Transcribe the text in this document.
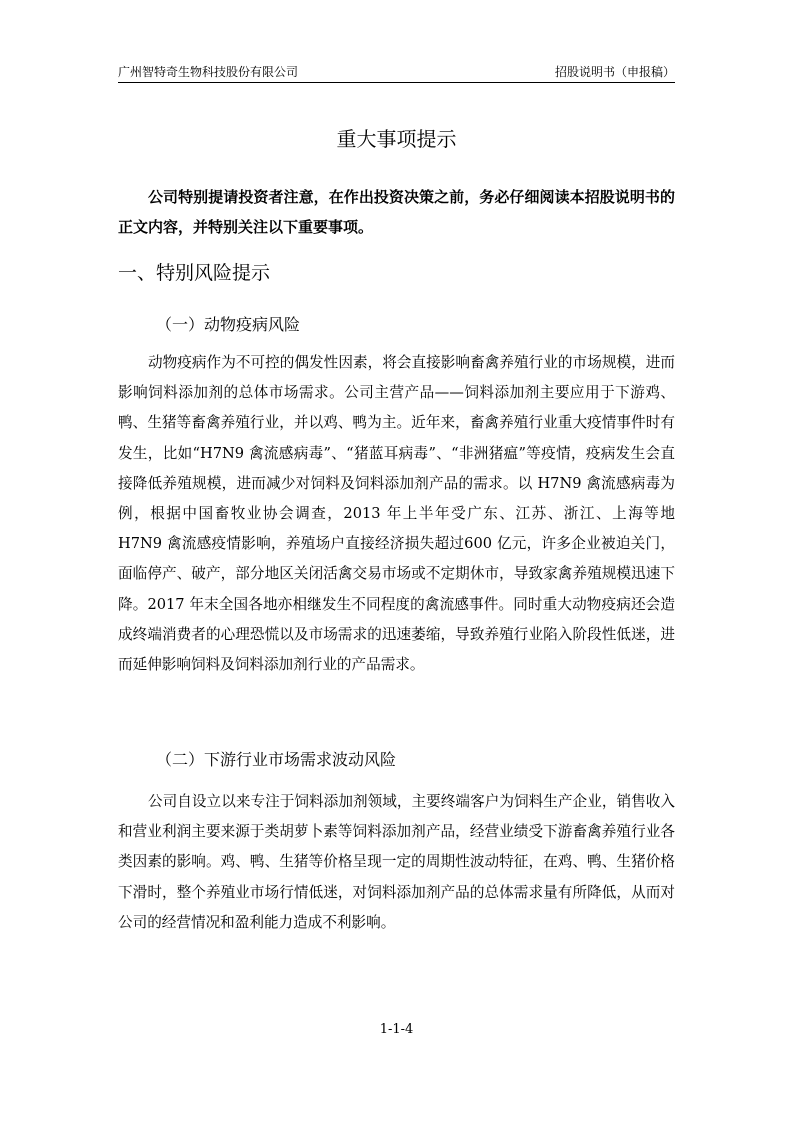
广州智特奇生物科技股份有限公司	招股说明书（申报稿）
重大事项提示
公司特别提请投资者注意，在作出投资决策之前，务必仔细阅读本招股说明书的正文内容，并特别关注以下重要事项。
一、特别风险提示
（一）动物疫病风险

动物疫病作为不可控的偶发性因素，将会直接影响畜禽养殖行业的市场规模，进而影响饲料添加剂的总体市场需求。公司主营产品——饲料添加剂主要应用于下游鸡、鸭、生猪等畜禽养殖行业，并以鸡、鸭为主。近年来，畜禽养殖行业重大疫情事件时有发生，比如“H7N9 禽流感病毒”、“猪蓝耳病毒”、“非洲猪瘟”等疫情，疫病发生会直接降低养殖规模，进而减少对饲料及饲料添加剂产品的需求。以 H7N9 禽流感病毒为例，根据中国畜牧业协会调查，2013 年上半年受广东、江苏、浙江、上海等地 H7N9 禽流感疫情影响，养殖场户直接经济损失超过600 亿元，许多企业被迫关门，面临停产、破产，部分地区关闭活禽交易市场或不定期休市，导致家禽养殖规模迅速下降。2017 年末全国各地亦相继发生不同程度的禽流感事件。同时重大动物疫病还会造成终端消费者的心理恐慌以及市场需求的迅速萎缩，导致养殖行业陷入阶段性低迷，进而延伸影响饲料及饲料添加剂行业的产品需求。

（二）下游行业市场需求波动风险

公司自设立以来专注于饲料添加剂领域，主要终端客户为饲料生产企业，销售收入和营业利润主要来源于类胡萝卜素等饲料添加剂产品，经营业绩受下游畜禽养殖行业各类因素的影响。鸡、鸭、生猪等价格呈现一定的周期性波动特征，在鸡、鸭、生猪价格下滑时，整个养殖业市场行情低迷，对饲料添加剂产品的总体需求量有所降低，从而对公司的经营情况和盈利能力造成不利影响。

1-1-4
